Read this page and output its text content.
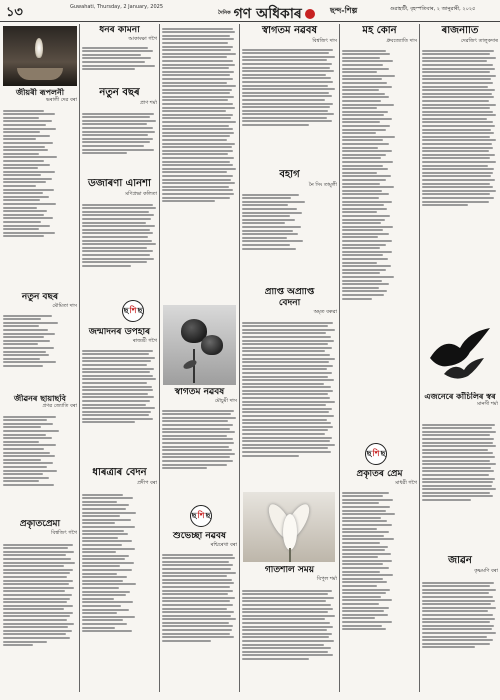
১৩	Guwahati, Thursday, 2 January, 2025
দৈনিক গণ অধিকাৰ	ছন্দ-শিল্প	গুৱাহাটী, বৃহস্পতিবাৰ, ২ জানুৱাৰী, ২০২৫
জীয়ৰী ৰূপলনী
ভৰালী দেৱ বৰা
নতুন বছৰ
মৌমিতা দাস
জীৱনৰ ছায়াছবি
প্ৰণৱ জ্যোতি বৰা
প্ৰকৃতিপ্ৰেমী
বিশ্বজিৎ গগৈ
ধনৰ কামনা
আকাংক্ষা গগৈ
নতুন বছৰ
প্ৰাণ শৰ্মা
উজাৰণী এনিশা
মণিপ্ৰভা কলিতা
ছ শি ছ
জন্মদিনৰ উপহাৰ
ৰাজশ্ৰী গগৈ
ধৰিত্ৰীৰ বেদন
প্ৰদীপ বৰা
স্বাগতম নৱবৰ্ষ
মৌচুমী দাস
ছ শি ছ
শুভেচ্ছা নৱবৰ্ষ
ৰশ্মিৰেখা বৰা
স্বাগতম নৱবৰ্ষ
বিশ্বজিৎ দাস
বহাগ
নৈ সিং তামুলী
প্ৰাপ্তি অপ্ৰাপ্তি
বেদনা
অমৃত বৰুৱা
গতিশীল সময়
বিপুল শৰ্মা
মই কোন
ধ্ৰুবজ্যোতি দাস
ছ শি ছ
প্ৰকৃতিৰ প্ৰেম
মাধৱী গগৈ
ৰাজনীতি
দেৱজিৎ তালুকদাৰ
এজনেৰে কাঁচিলিৰ স্বৰ
মানসী শৰ্মা
জীৱন
কৃষ্ণমণি বৰা
